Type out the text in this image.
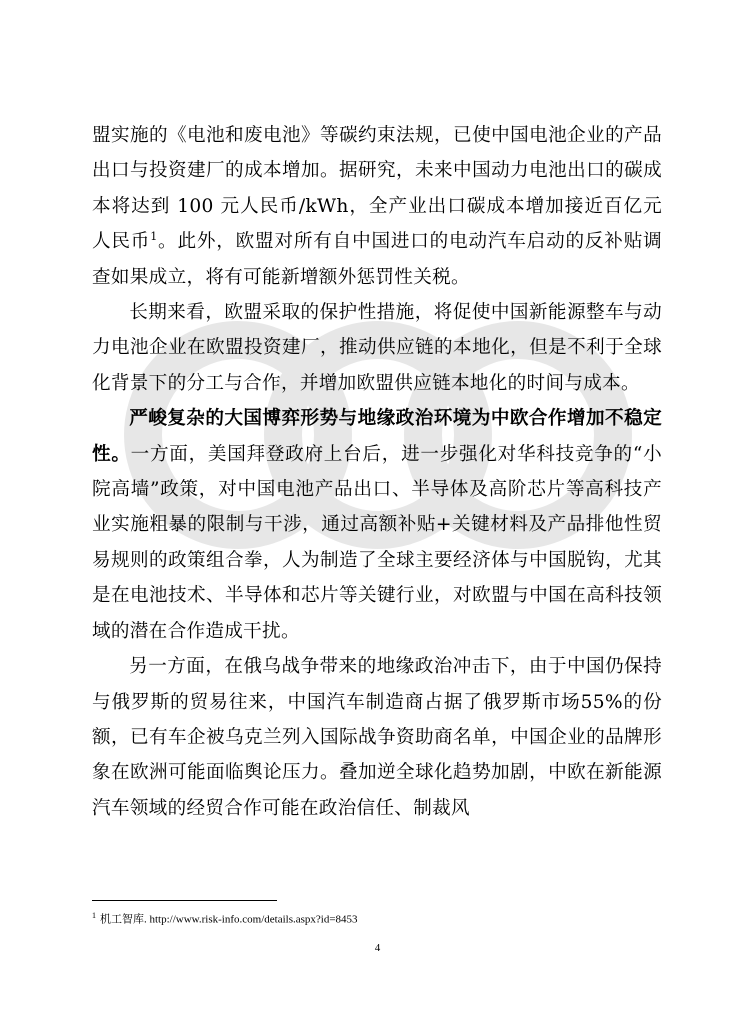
盟实施的《电池和废电池》等碳约束法规，已使中国电池企业的产品出口与投资建厂的成本增加。据研究，未来中国动力电池出口的碳成本将达到 100 元人民币/kWh，全产业出口碳成本增加接近百亿元人民币$^1$。此外，欧盟对所有自中国进口的电动汽车启动的反补贴调查如果成立，将有可能新增额外惩罚性关税。

长期来看，欧盟采取的保护性措施，将促使中国新能源整车与动力电池企业在欧盟投资建厂，推动供应链的本地化，但是不利于全球化背景下的分工与合作，并增加欧盟供应链本地化的时间与成本。

严峻复杂的大国博弈形势与地缘政治环境为中欧合作增加不稳定性。一方面，美国拜登政府上台后，进一步强化对华科技竞争的“小院高墙”政策，对中国电池产品出口、半导体及高阶芯片等高科技产业实施粗暴的限制与干涉，通过高额补贴+关键材料及产品排他性贸易规则的政策组合拳，人为制造了全球主要经济体与中国脱钩，尤其是在电池技术、半导体和芯片等关键行业，对欧盟与中国在高科技领域的潜在合作造成干扰。

另一方面，在俄乌战争带来的地缘政治冲击下，由于中国仍保持与俄罗斯的贸易往来，中国汽车制造商占据了俄罗斯市场55%的份额，已有车企被乌克兰列入国际战争资助商名单，中国企业的品牌形象在欧洲可能面临舆论压力。叠加逆全球化趋势加剧，中欧在新能源汽车领域的经贸合作可能在政治信任、制裁风

$^1$ 机工智库. http://www.risk-info.com/details.aspx?id=8453
4
